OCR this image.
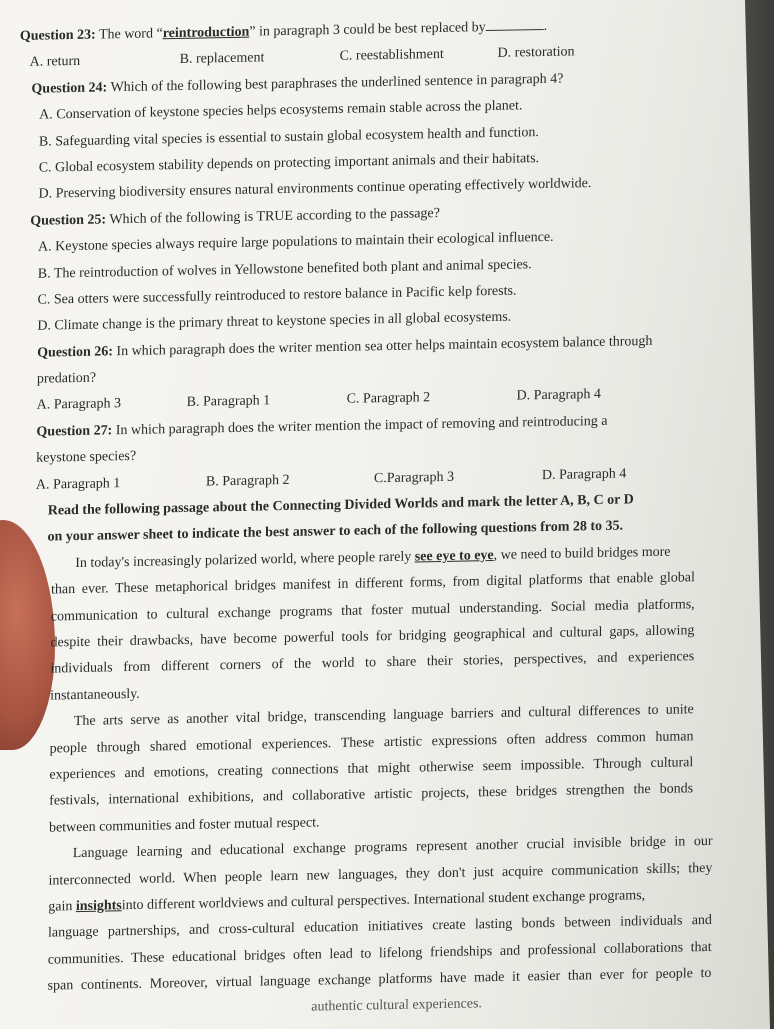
Question 23: The word “reintroduction” in paragraph 3 could be best replaced by	.
A. return	B. replacement	C. reestablishment	D. restoration
Question 24: Which of the following best paraphrases the underlined sentence in paragraph 4?
A. Conservation of keystone species helps ecosystems remain stable across the planet.
B. Safeguarding vital species is essential to sustain global ecosystem health and function.
C. Global ecosystem stability depends on protecting important animals and their habitats.
D. Preserving biodiversity ensures natural environments continue operating effectively worldwide.
Question 25: Which of the following is TRUE according to the passage?
A. Keystone species always require large populations to maintain their ecological influence.
B. The reintroduction of wolves in Yellowstone benefited both plant and animal species.
C. Sea otters were successfully reintroduced to restore balance in Pacific kelp forests.
D. Climate change is the primary threat to keystone species in all global ecosystems.
Question 26: In which paragraph does the writer mention sea otter helps maintain ecosystem balance through
predation?
A. Paragraph 3	B. Paragraph 1	C. Paragraph 2	D. Paragraph 4
Question 27: In which paragraph does the writer mention the impact of removing and reintroducing a
keystone species?
A. Paragraph 1	B. Paragraph 2	C.Paragraph 3	D. Paragraph 4
Read the following passage about the Connecting Divided Worlds and mark the letter A, B, C or D
on your answer sheet to indicate the best answer to each of the following questions from 28 to 35.
In today's increasingly polarized world, where people rarely see eye to eye, we need to build bridges more
than ever. These metaphorical bridges manifest in different forms, from digital platforms that enable global
communication to cultural exchange programs that foster mutual understanding. Social media platforms,
despite their drawbacks, have become powerful tools for bridging geographical and cultural gaps, allowing
individuals from different corners of the world to share their stories, perspectives, and experiences
instantaneously.
The arts serve as another vital bridge, transcending language barriers and cultural differences to unite
people through shared emotional experiences. These artistic expressions often address common human
experiences and emotions, creating connections that might otherwise seem impossible. Through cultural
festivals, international exhibitions, and collaborative artistic projects, these bridges strengthen the bonds
between communities and foster mutual respect.
Language learning and educational exchange programs represent another crucial invisible bridge in our
interconnected world. When people learn new languages, they don't just acquire communication skills; they
gain insightsinto different worldviews and cultural perspectives. International student exchange programs,
language partnerships, and cross-cultural education initiatives create lasting bonds between individuals and
communities. These educational bridges often lead to lifelong friendships and professional collaborations that
span continents. Moreover, virtual language exchange platforms have made it easier than ever for people to
authentic cultural experiences.
